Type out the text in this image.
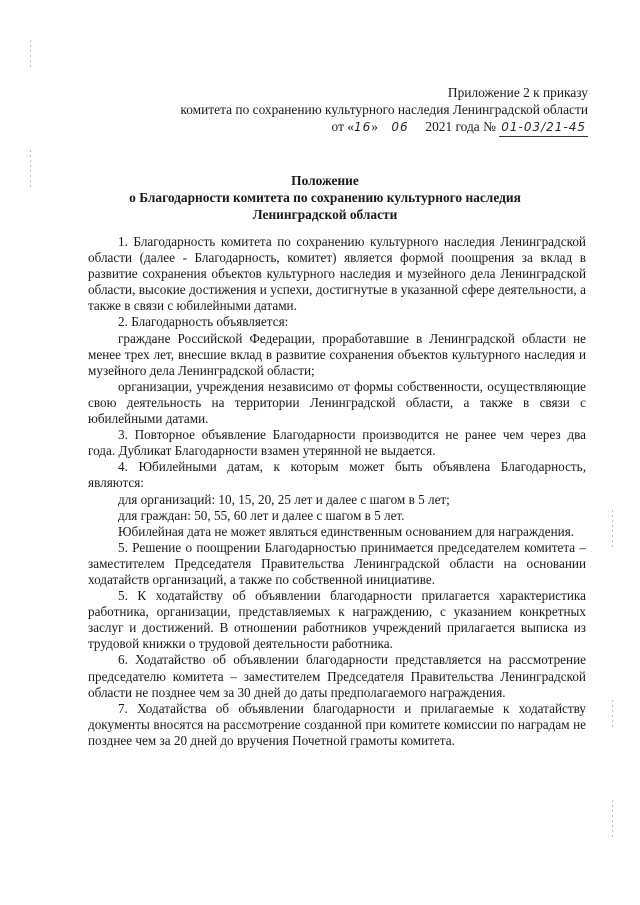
Приложение 2 к приказу
комитета по сохранению культурного наследия Ленинградской области
от «16» 06 2021 года № 01-03/21-45
Положение
о Благодарности комитета по сохранению культурного наследия
Ленинградской области

1. Благодарность комитета по сохранению культурного наследия Ленинградской области (далее - Благодарность, комитет) является формой поощрения за вклад в развитие сохранения объектов культурного наследия и музейного дела Ленинградской области, высокие достижения и успехи, достигнутые в указанной сфере деятельности, а также в связи с юбилейными датами.

2. Благодарность объявляется:

граждане Российской Федерации, проработавшие в Ленинградской области не менее трех лет, внесшие вклад в развитие сохранения объектов культурного наследия и музейного дела Ленинградской области;

организации, учреждения независимо от формы собственности, осуществляющие свою деятельность на территории Ленинградской области, а также в связи с юбилейными датами.

3. Повторное объявление Благодарности производится не ранее чем через два года. Дубликат Благодарности взамен утерянной не выдается.

4. Юбилейными датам, к которым может быть объявлена Благодарность, являются:

для организаций: 10, 15, 20, 25 лет и далее с шагом в 5 лет;

для граждан: 50, 55, 60 лет и далее с шагом в 5 лет.

Юбилейная дата не может являться единственным основанием для награждения.

5. Решение о поощрении Благодарностью принимается председателем комитета – заместителем Председателя Правительства Ленинградской области на основании ходатайств организаций, а также по собственной инициативе.

5. К ходатайству об объявлении благодарности прилагается характеристика работника, организации, представляемых к награждению, с указанием конкретных заслуг и достижений. В отношении работников учреждений прилагается выписка из трудовой книжки о трудовой деятельности работника.

6. Ходатайство об объявлении благодарности представляется на рассмотрение председателю комитета – заместителем Председателя Правительства Ленинградской области не позднее чем за 30 дней до даты предполагаемого награждения.

7. Ходатайства об объявлении благодарности и прилагаемые к ходатайству документы вносятся на рассмотрение созданной при комитете комиссии по наградам не позднее чем за 20 дней до вручения Почетной грамоты комитета.
